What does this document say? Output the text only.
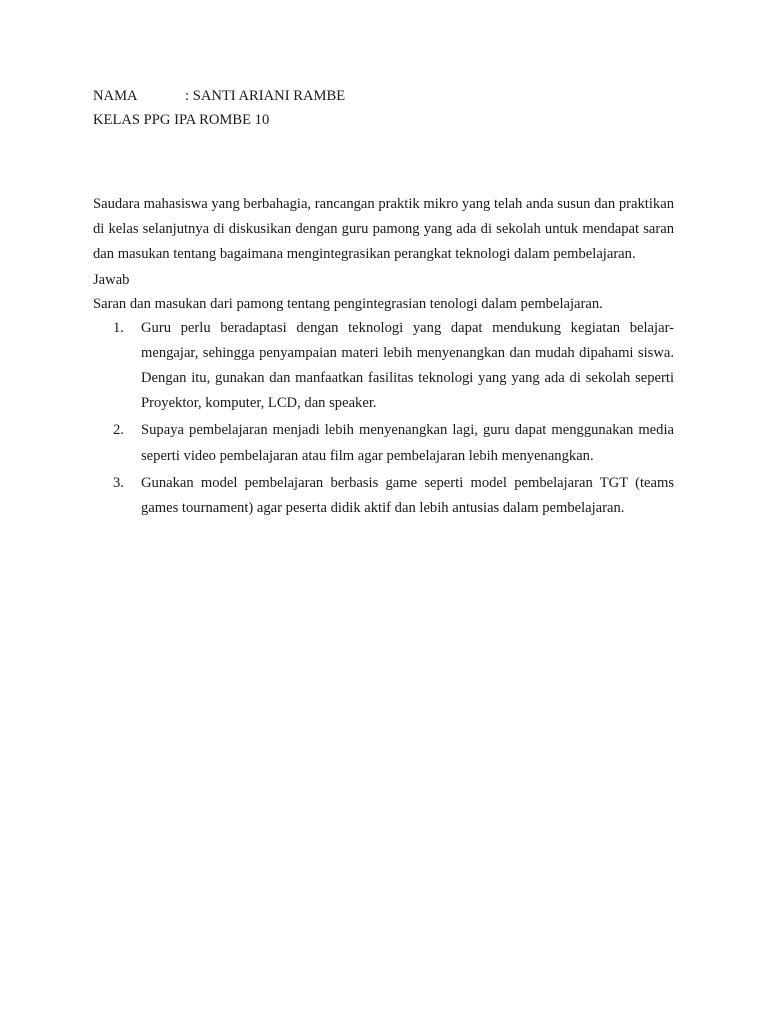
NAMA	: SANTI ARIANI RAMBE
KELAS PPG IPA ROMBE 10
Saudara mahasiswa yang berbahagia, rancangan praktik mikro yang telah anda susun dan praktikan di kelas selanjutnya di diskusikan dengan guru pamong yang ada di sekolah untuk mendapat saran dan masukan tentang bagaimana mengintegrasikan perangkat teknologi dalam pembelajaran.
Jawab
Saran dan masukan dari pamong tentang pengintegrasian tenologi dalam pembelajaran.
1.	Guru perlu beradaptasi dengan teknologi yang dapat mendukung kegiatan belajar-mengajar, sehingga penyampaian materi lebih menyenangkan dan mudah dipahami siswa. Dengan itu, gunakan dan manfaatkan fasilitas teknologi yang yang ada di sekolah seperti Proyektor, komputer, LCD, dan speaker.
2.	Supaya pembelajaran menjadi lebih menyenangkan lagi, guru dapat menggunakan media seperti video pembelajaran atau film agar pembelajaran lebih menyenangkan.
3.	Gunakan model pembelajaran berbasis game seperti model pembelajaran TGT (teams games tournament) agar peserta didik aktif dan lebih antusias dalam pembelajaran.
